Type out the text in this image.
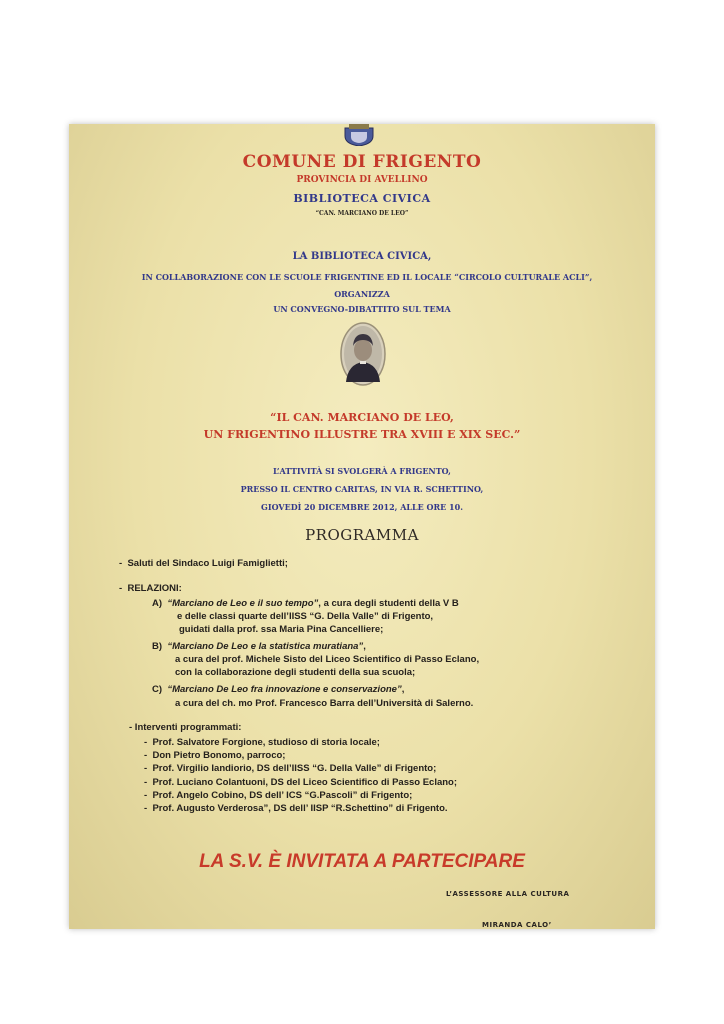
COMUNE DI FRIGENTO
PROVINCIA DI AVELLINO
BIBLIOTECA CIVICA
“CAN. MARCIANO DE LEO”
LA BIBLIOTECA CIVICA,
IN COLLABORAZIONE CON LE SCUOLE FRIGENTINE ED IL LOCALE “CIRCOLO CULTURALE ACLI”,
ORGANIZZA
UN CONVEGNO-DIBATTITO SUL TEMA
“IL CAN. MARCIANO DE LEO,
UN FRIGENTINO ILLUSTRE TRA XVIII E XIX SEC.”
L’ATTIVITÀ SI SVOLGERÀ A FRIGENTO,
PRESSO IL CENTRO CARITAS, IN VIA R. SCHETTINO,
GIOVEDÌ 20 DICEMBRE 2012, ALLE ORE 10.
PROGRAMMA
-  Saluti del Sindaco Luigi Famiglietti;
-  RELAZIONI:
A) “Marciano de Leo e il suo tempo”, a cura degli studenti della V B
e delle classi quarte dell’IISS “G. Della Valle” di Frigento,
guidati dalla prof. ssa Maria Pina Cancelliere;
B) “Marciano De Leo e la statistica muratiana”,
a cura del prof. Michele Sisto del Liceo Scientifico di Passo Eclano,
con la collaborazione degli studenti della sua scuola;
C) “Marciano De Leo fra innovazione e conservazione”,
a cura del ch. mo Prof. Francesco Barra dell’Università di Salerno.
- Interventi programmati:
-  Prof. Salvatore Forgione, studioso di storia locale;
-  Don Pietro Bonomo, parroco;
-  Prof. Virgilio Iandiorio, DS dell’IISS “G. Della Valle” di Frigento;
-  Prof. Luciano Colantuoni, DS del Liceo Scientifico di Passo Eclano;
-  Prof. Angelo Cobino, DS dell’ ICS “G.Pascoli” di Frigento;
-  Prof. Augusto Verderosa”, DS dell’ IISP “R.Schettino” di Frigento.
LA S.V. È INVITATA A PARTECIPARE
L’ASSESSORE ALLA CULTURA
MIRANDA CALO’
